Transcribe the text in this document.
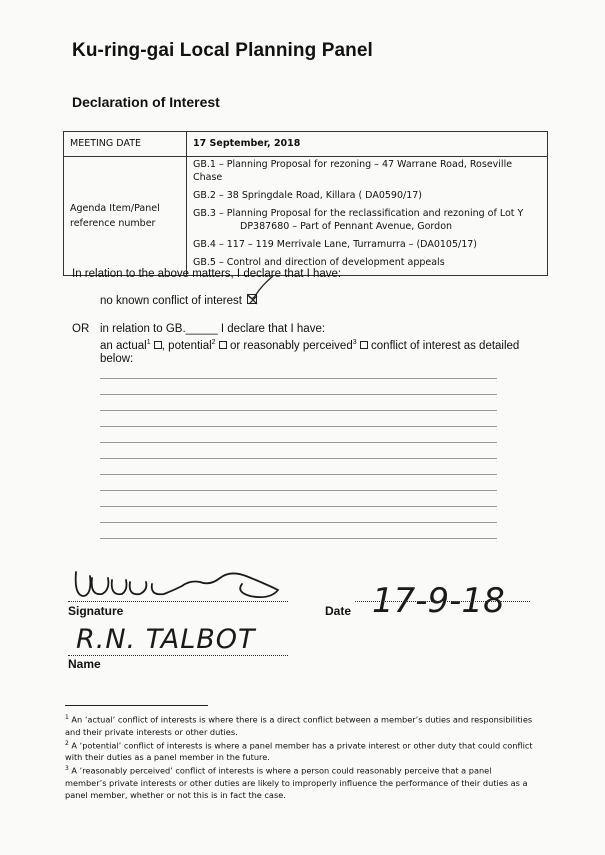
Ku-ring-gai Local Planning Panel
Declaration of Interest
MEETING DATE	17 September, 2018
Agenda Item/Panel reference number
GB.1 – Planning Proposal for rezoning – 47 Warrane Road, Roseville Chase
GB.2 – 38 Springdale Road, Killara ( DA0590/17)
GB.3 – Planning Proposal for the reclassification and rezoning of Lot Y
DP387680 – Part of Pennant Avenue, Gordon
GB.4 – 117 – 119 Merrivale Lane, Turramurra – (DA0105/17)
GB.5 – Control and direction of development appeals
In relation to the above matters, I declare that I have:
no known conflict of interest
OR in relation to GB._____ I declare that I have:
an actual$^1$ , potential$^2$  or reasonably perceived$^3$  conflict of interest as detailed below:
17-9-18
Signature	Date
R.N. TALBOT
Name
$^1$ An ‘actual’ conflict of interests is where there is a direct conflict between a member’s duties and responsibilities and their private interests or other duties.
$^2$ A ‘potential’ conflict of interests is where a panel member has a private interest or other duty that could conflict with their duties as a panel member in the future.
$^3$ A ‘reasonably perceived’ conflict of interests is where a person could reasonably perceive that a panel member’s private interests or other duties are likely to improperly influence the performance of their duties as a panel member, whether or not this is in fact the case.
